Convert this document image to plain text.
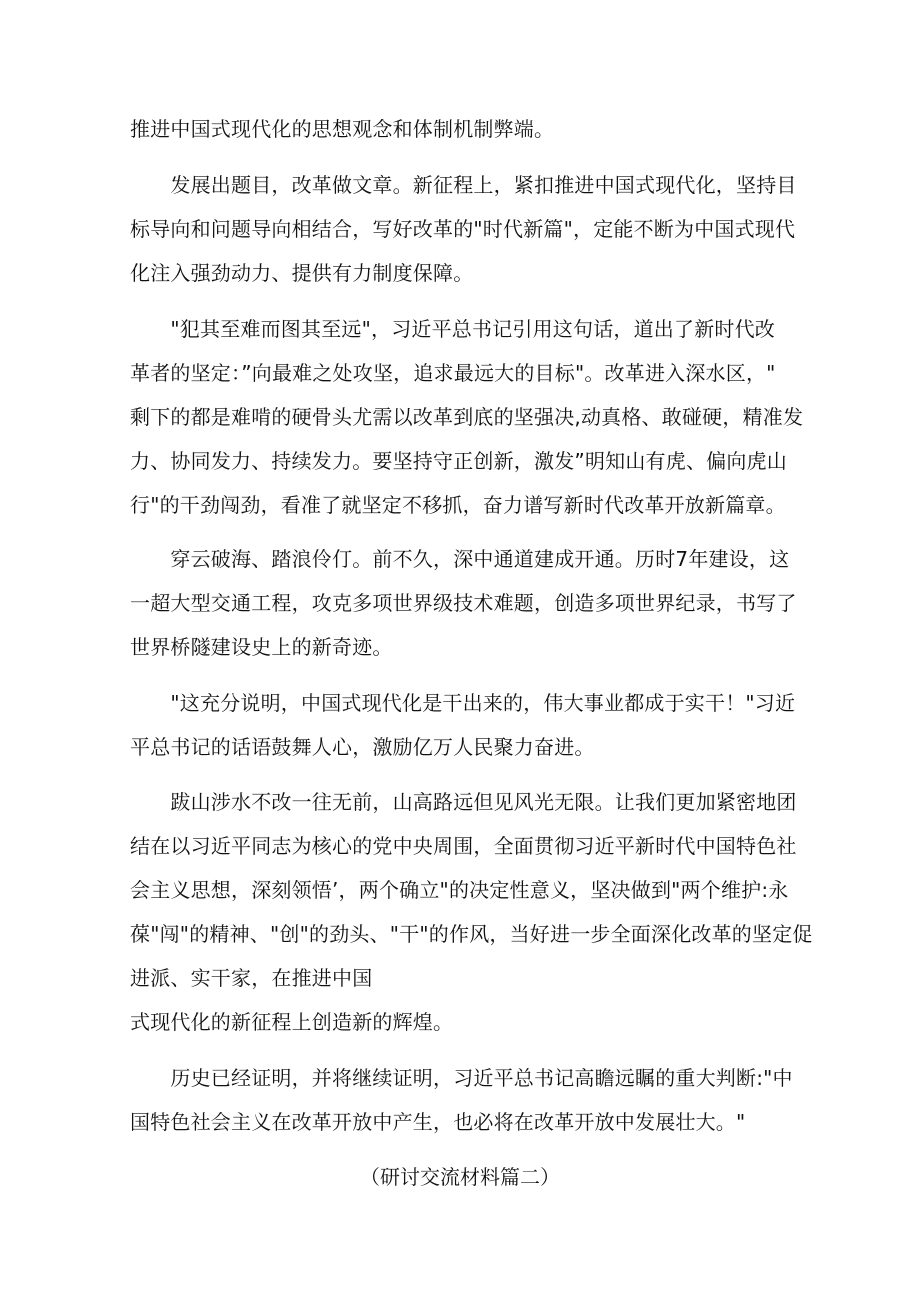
推进中国式现代化的思想观念和体制机制弊端。
　　发展出题目，改革做文章。新征程上，紧扣推进中国式现代化，坚持目
标导向和问题导向相结合，写好改革的"时代新篇"，定能不断为中国式现代
化注入强劲动力、提供有力制度保障。
　　"犯其至难而图其至远"，习近平总书记引用这句话，道出了新时代改
革者的坚定：”向最难之处攻坚，追求最远大的目标"。改革进入深水区，"
剩下的都是难啃的硬骨头尤需以改革到底的坚强决,动真格、敢碰硬，精准发
力、协同发力、持续发力。要坚持守正创新，激发”明知山有虎、偏向虎山
行"的干劲闯劲，看准了就坚定不移抓，奋力谱写新时代改革开放新篇章。
　　穿云破海、踏浪伶仃。前不久，深中通道建成开通。历时7年建设，这
一超大型交通工程，攻克多项世界级技术难题，创造多项世界纪录，书写了
世界桥隧建设史上的新奇迹。
　　"这充分说明，中国式现代化是干出来的，伟大事业都成于实干！"习近
平总书记的话语鼓舞人心，激励亿万人民聚力奋进。
　　跋山涉水不改一往无前，山高路远但见风光无限。让我们更加紧密地团
结在以习近平同志为核心的党中央周围，全面贯彻习近平新时代中国特色社
会主义思想，深刻领悟’，两个确立"的决定性意义，坚决做到"两个维护:永
葆"闯"的精神、"创"的劲头、"干"的作风，当好进一步全面深化改革的坚定促
进派、实干家，在推进中国
式现代化的新征程上创造新的辉煌。
　　历史已经证明，并将继续证明，习近平总书记高瞻远瞩的重大判断:"中
国特色社会主义在改革开放中产生，也必将在改革开放中发展壮大。"
（研讨交流材料篇二）
